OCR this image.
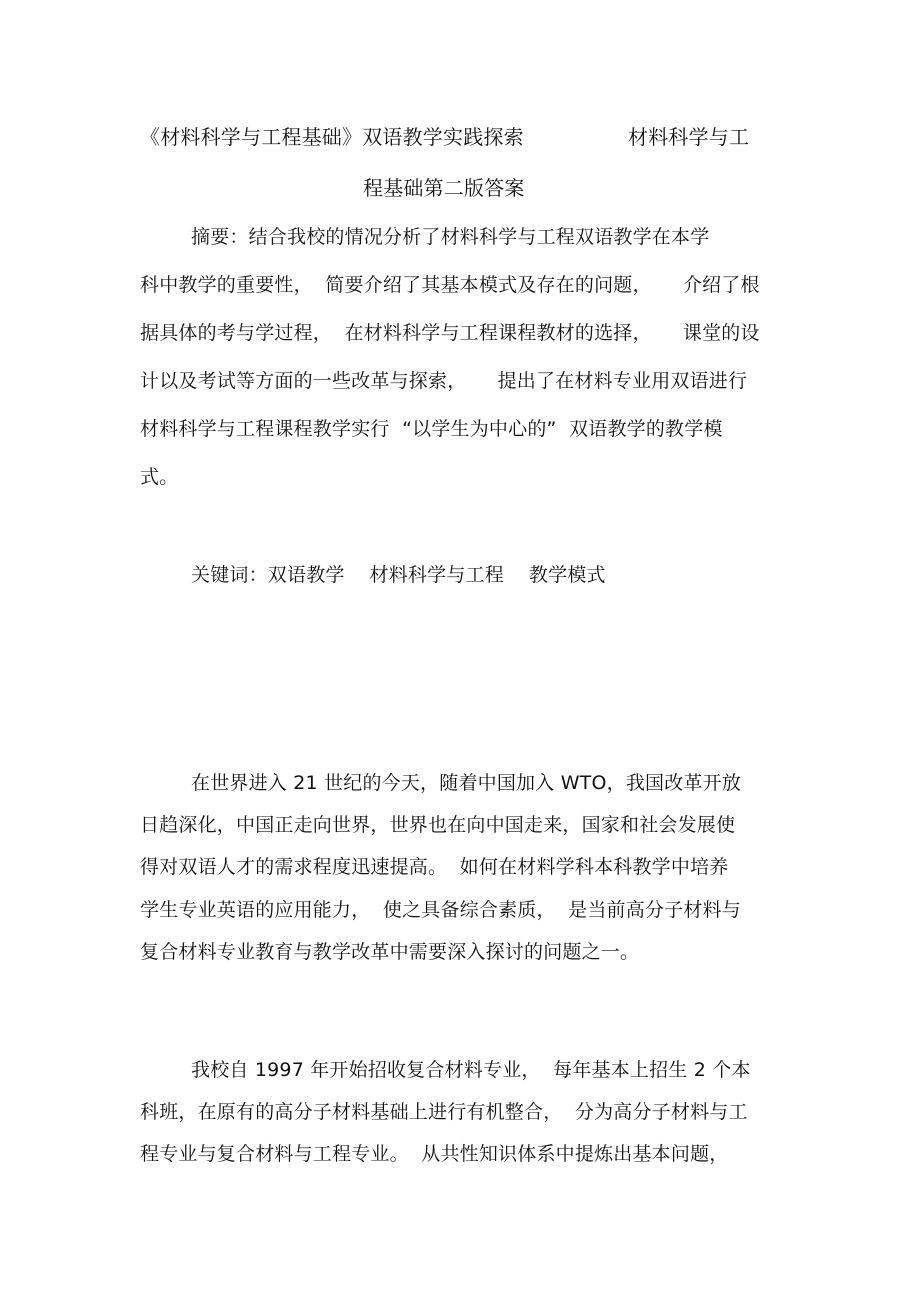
《材料科学与工程基础》双语教学实践探索	材料科学与工
程基础第二版答案
摘要：结合我校的情况分析了材料科学与工程双语教学在本学
科中教学的重要性，  简要介绍了其基本模式及存在的问题，     介绍了根
据具体的考与学过程，  在材料科学与工程课程教材的选择，     课堂的设
计以及考试等方面的一些改革与探索，     提出了在材料专业用双语进行
材料科学与工程课程教学实行  “以学生为中心的”  双语教学的教学模
式。
关键词：双语教学    材料科学与工程    教学模式
在世界进入 21 世纪的今天，随着中国加入 WTO，我国改革开放
日趋深化，中国正走向世界，世界也在向中国走来，国家和社会发展使
得对双语人才的需求程度迅速提高。  如何在材料学科本科教学中培养
学生专业英语的应用能力，  使之具备综合素质，  是当前高分子材料与
复合材料专业教育与教学改革中需要深入探讨的问题之一。
我校自 1997 年开始招收复合材料专业，  每年基本上招生 2 个本
科班，在原有的高分子材料基础上进行有机整合，  分为高分子材料与工
程专业与复合材料与工程专业。  从共性知识体系中提炼出基本问题，
